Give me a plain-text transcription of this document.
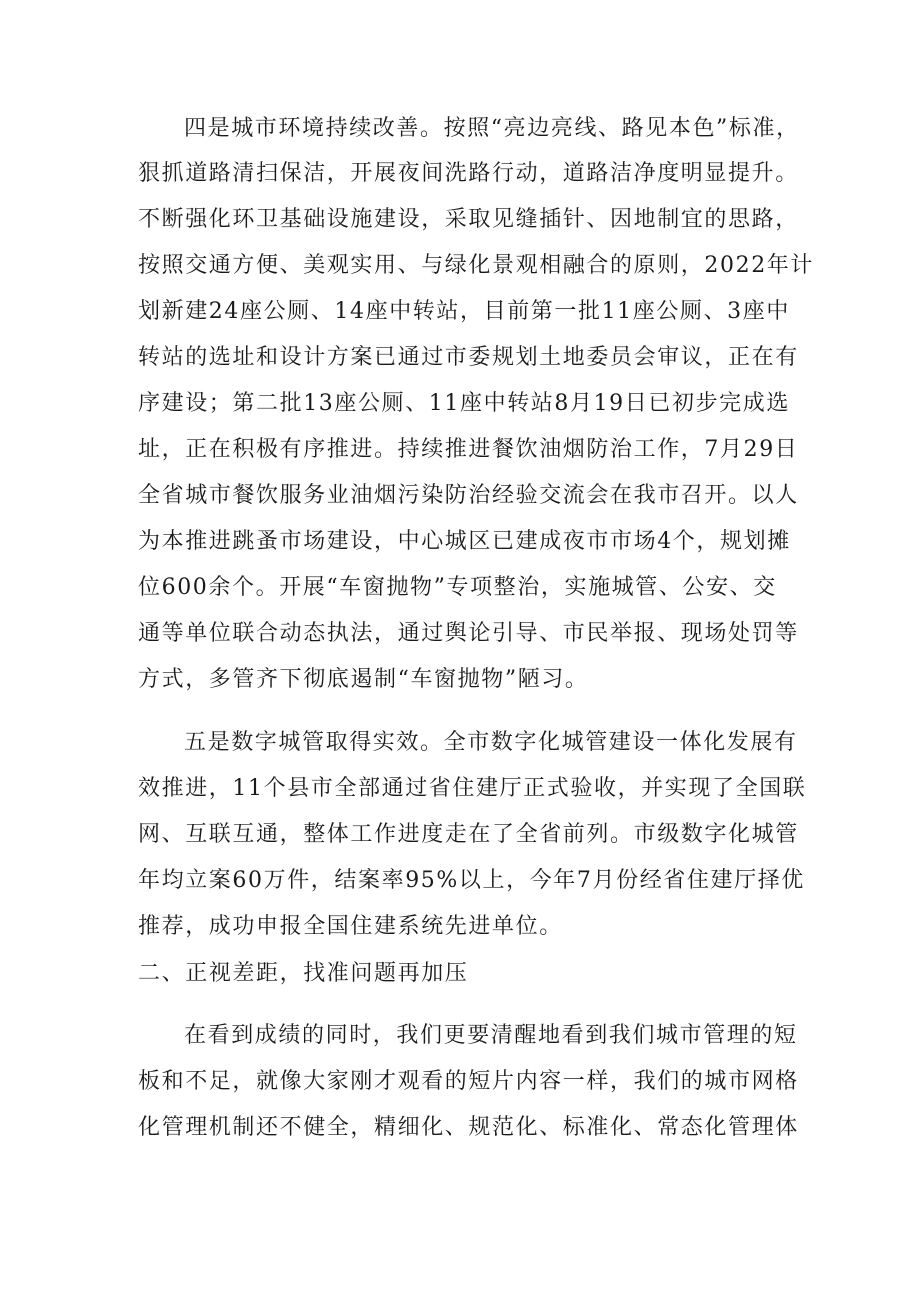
四是城市环境持续改善。按照“亮边亮线、路见本色”标准，
狠抓道路清扫保洁，开展夜间洗路行动，道路洁净度明显提升。
不断强化环卫基础设施建设，采取见缝插针、因地制宜的思路，
按照交通方便、美观实用、与绿化景观相融合的原则，2022年计
划新建24座公厕、14座中转站，目前第一批11座公厕、3座中
转站的选址和设计方案已通过市委规划土地委员会审议，正在有
序建设；第二批13座公厕、11座中转站8月19日已初步完成选
址，正在积极有序推进。持续推进餐饮油烟防治工作，7月29日
全省城市餐饮服务业油烟污染防治经验交流会在我市召开。以人
为本推进跳蚤市场建设，中心城区已建成夜市市场4个，规划摊
位600余个。开展“车窗抛物”专项整治，实施城管、公安、交
通等单位联合动态执法，通过舆论引导、市民举报、现场处罚等
方式，多管齐下彻底遏制“车窗抛物”陋习。
五是数字城管取得实效。全市数字化城管建设一体化发展有
效推进，11个县市全部通过省住建厅正式验收，并实现了全国联
网、互联互通，整体工作进度走在了全省前列。市级数字化城管
年均立案60万件，结案率95%以上，今年7月份经省住建厅择优
推荐，成功申报全国住建系统先进单位。
二、正视差距，找准问题再加压
在看到成绩的同时，我们更要清醒地看到我们城市管理的短
板和不足，就像大家刚才观看的短片内容一样，我们的城市网格
化管理机制还不健全，精细化、规范化、标准化、常态化管理体
